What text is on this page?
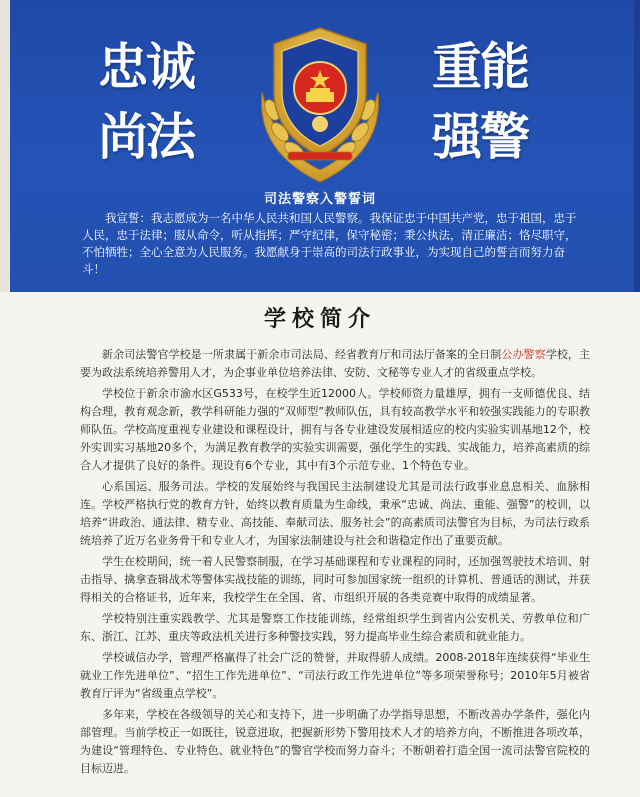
忠诚
尚法
重能
强警
司法警察入警誓词
我宣誓：我志愿成为一名中华人民共和国人民警察。我保证忠于中国共产党，忠于祖国，忠于人民，忠于法律；服从命令，听从指挥；严守纪律，保守秘密；秉公执法，清正廉洁；恪尽职守，不怕牺牲；全心全意为人民服务。我愿献身于崇高的司法行政事业，为实现自己的誓言而努力奋斗！
学校简介

新余司法警官学校是一所隶属于新余市司法局、经省教育厅和司法厅备案的全日制公办警察学校，主要为政法系统培养警用人才，为企事业单位培养法律、安防、文秘等专业人才的省级重点学校。

学校位于新余市渝水区G533号，在校学生近12000人。学校师资力量雄厚，拥有一支师德优良、结构合理，教育观念新，教学科研能力强的“双师型”教师队伍，具有较高教学水平和较强实践能力的专职教师队伍。学校高度重视专业建设和课程设计，拥有与各专业建设发展相适应的校内实验实训基地12个，校外实训实习基地20多个，为满足教育教学的实验实训需要，强化学生的实践、实战能力，培养高素质的综合人才提供了良好的条件。现设有6个专业，其中有3个示范专业、1个特色专业。

心系国运、服务司法。学校的发展始终与我国民主法制建设尤其是司法行政事业息息相关、血脉相连。学校严格执行党的教育方针，始终以教育质量为生命线，秉承“忠诚、尚法、重能、强警”的校训，以培养“讲政治、通法律、精专业、高技能、奉献司法、服务社会”的高素质司法警官为目标，为司法行政系统培养了近万名业务骨干和专业人才，为国家法制建设与社会和谐稳定作出了重要贡献。

学生在校期间，统一着人民警察制服，在学习基础课程和专业课程的同时，还加强驾驶技术培训、射击指导、擒拿查辑战术等警体实战技能的训练，同时可参加国家统一组织的计算机、普通话的测试，并获得相关的合格证书，近年来，我校学生在全国、省、市组织开展的各类竞赛中取得的成绩显著。

学校特别注重实践教学、尤其是警察工作技能训练，经常组织学生到省内公安机关、劳教单位和广东、浙江、江苏、重庆等政法机关进行多种警技实践，努力提高毕业生综合素质和就业能力。

学校诚信办学，管理严格赢得了社会广泛的赞誉，并取得骄人成绩。2008-2018年连续获得“毕业生就业工作先进单位”、“招生工作先进单位”、“司法行政工作先进单位”等多项荣誉称号；2010年5月被省教育厅评为“省级重点学校”。

多年来，学校在各级领导的关心和支持下，进一步明确了办学指导思想，不断改善办学条件，强化内部管理。当前学校正一如既往，锐意进取，把握新形势下警用技术人才的培养方向，不断推进各项改革，为建设“管理特色、专业特色、就业特色”的警官学校而努力奋斗；不断朝着打造全国一流司法警官院校的目标迈进。
